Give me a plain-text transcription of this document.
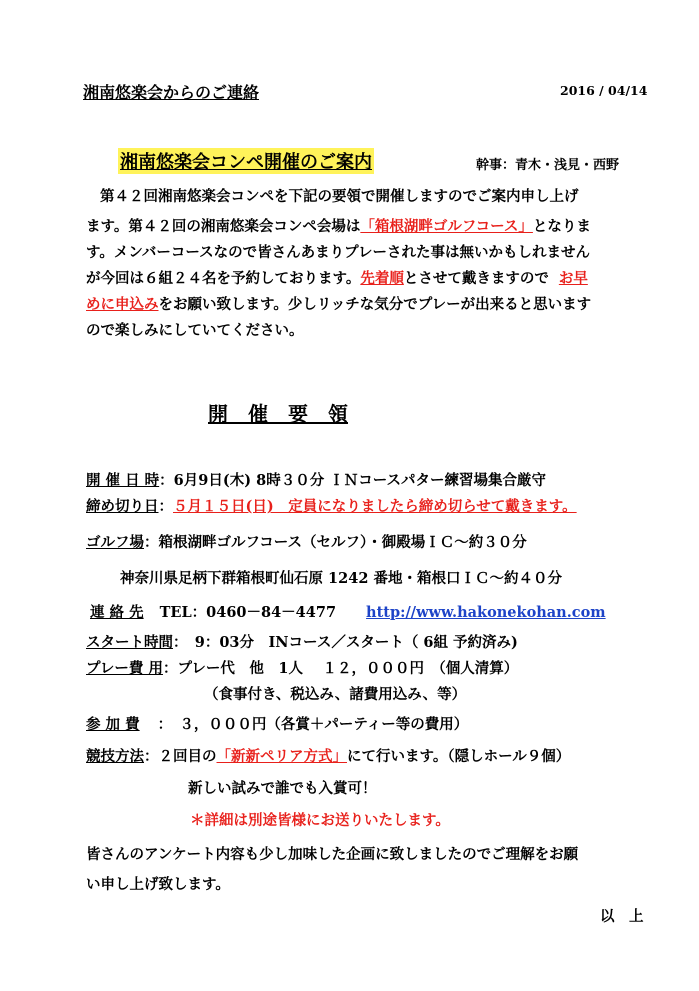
湘南悠楽会からのご連絡	2016 / 04/14
湘南悠楽会コンペ開催のご案内	幹事：青木・浅見・西野
第４２回湘南悠楽会コンペを下記の要領で開催しますのでご案内申し上げ
ます。第４２回の湘南悠楽会コンペ会場は「箱根湖畔ゴルフコース」となりま
す。メンバーコースなので皆さんあまりプレーされた事は無いかもしれません
が今回は６組２４名を予約しております。先着順とさせて戴きますので お早
めに申込みをお願い致します。少しリッチな気分でプレーが出来ると思います
ので楽しみにしていてください。
開　催　要　領
開 催 日 時：6月9日(木) 8時３０分 ＩＮコースパター練習場集合厳守
締め切り日：５月１５日(日)　定員になりましたら締め切らせて戴きます。
ゴルフ場：箱根湖畔ゴルフコース（セルフ）・御殿場ＩＣ～約３０分
神奈川県足柄下群箱根町仙石原 1242 番地・箱根口ＩＣ～約４０分
連 絡 先 TEL：0460－84－4477 http://www.hakonekohan.com
スタート時間：　9：03分　INコース／スタート（ 6組 予約済み)
プレー費 用：プレー代　他　1人　 １２，０００円　（個人清算）
（食事付き、税込み、諸費用込み、等）
参 加 費 ：　３，０００円（各賞＋パーティー等の費用）
競技方法：２回目の「新新ペリア方式」にて行います。（隠しホール９個）
新しい試みで誰でも入賞可！
＊詳細は別途皆様にお送りいたします。
皆さんのアンケート内容も少し加味した企画に致しましたのでご理解をお願
い申し上げ致します。
以　上
